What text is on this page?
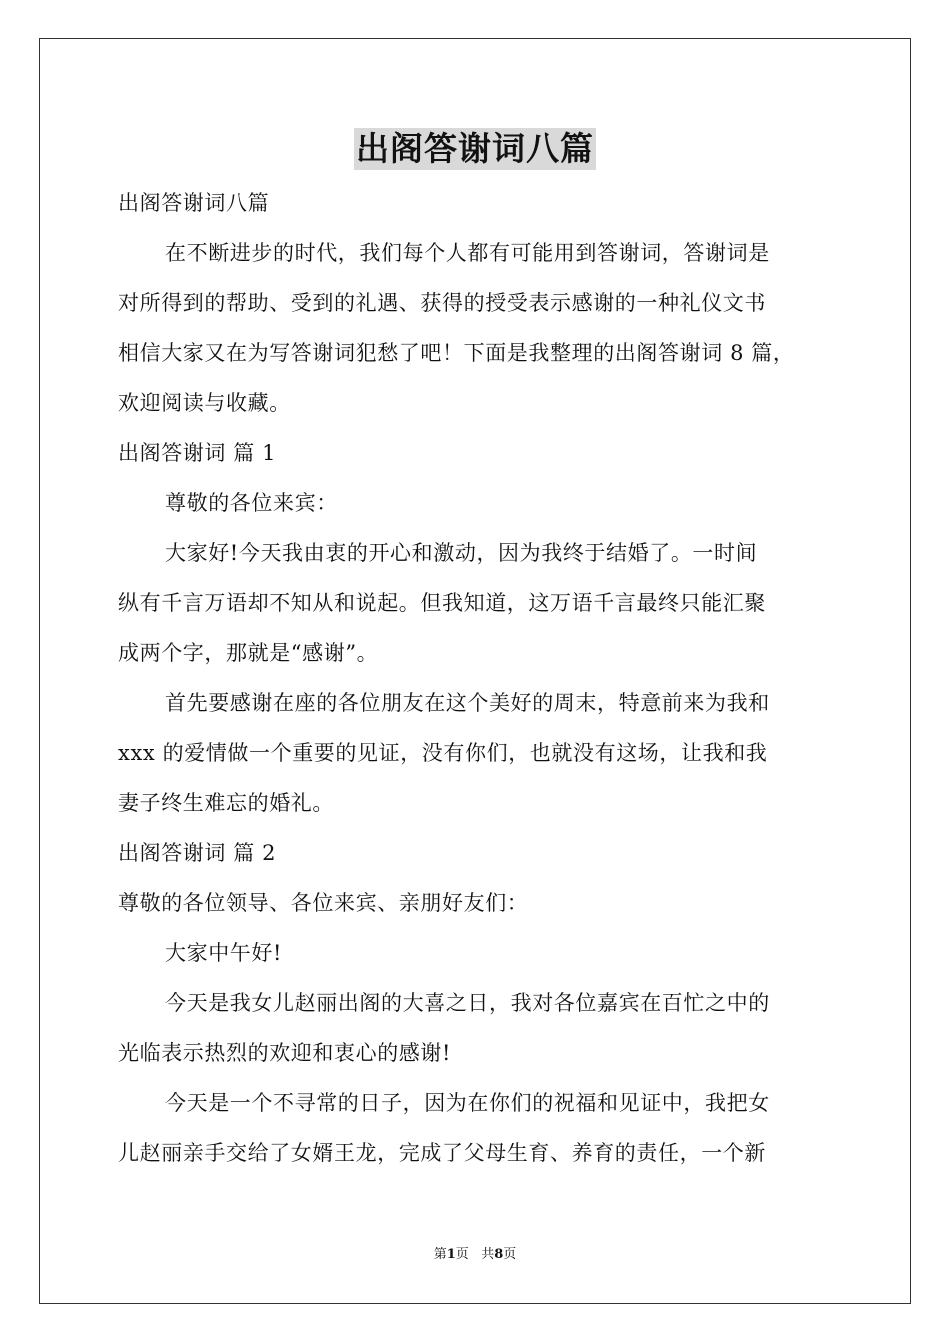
出阁答谢词八篇
出阁答谢词八篇
在不断进步的时代，我们每个人都有可能用到答谢词，答谢词是
对所得到的帮助、受到的礼遇、获得的授受表示感谢的一种礼仪文书
相信大家又在为写答谢词犯愁了吧！下面是我整理的出阁答谢词 8 篇，
欢迎阅读与收藏。
出阁答谢词 篇 1
尊敬的各位来宾：
大家好!今天我由衷的开心和激动，因为我终于结婚了。一时间
纵有千言万语却不知从和说起。但我知道，这万语千言最终只能汇聚
成两个字，那就是“感谢”。
首先要感谢在座的各位朋友在这个美好的周末，特意前来为我和
xxx 的爱情做一个重要的见证，没有你们，也就没有这场，让我和我
妻子终生难忘的婚礼。
出阁答谢词 篇 2
尊敬的各位领导、各位来宾、亲朋好友们：
大家中午好!
今天是我女儿赵丽出阁的大喜之日，我对各位嘉宾在百忙之中的
光临表示热烈的欢迎和衷心的感谢!
今天是一个不寻常的日子，因为在你们的祝福和见证中，我把女
儿赵丽亲手交给了女婿王龙，完成了父母生育、养育的责任，一个新
第1页 共8页
